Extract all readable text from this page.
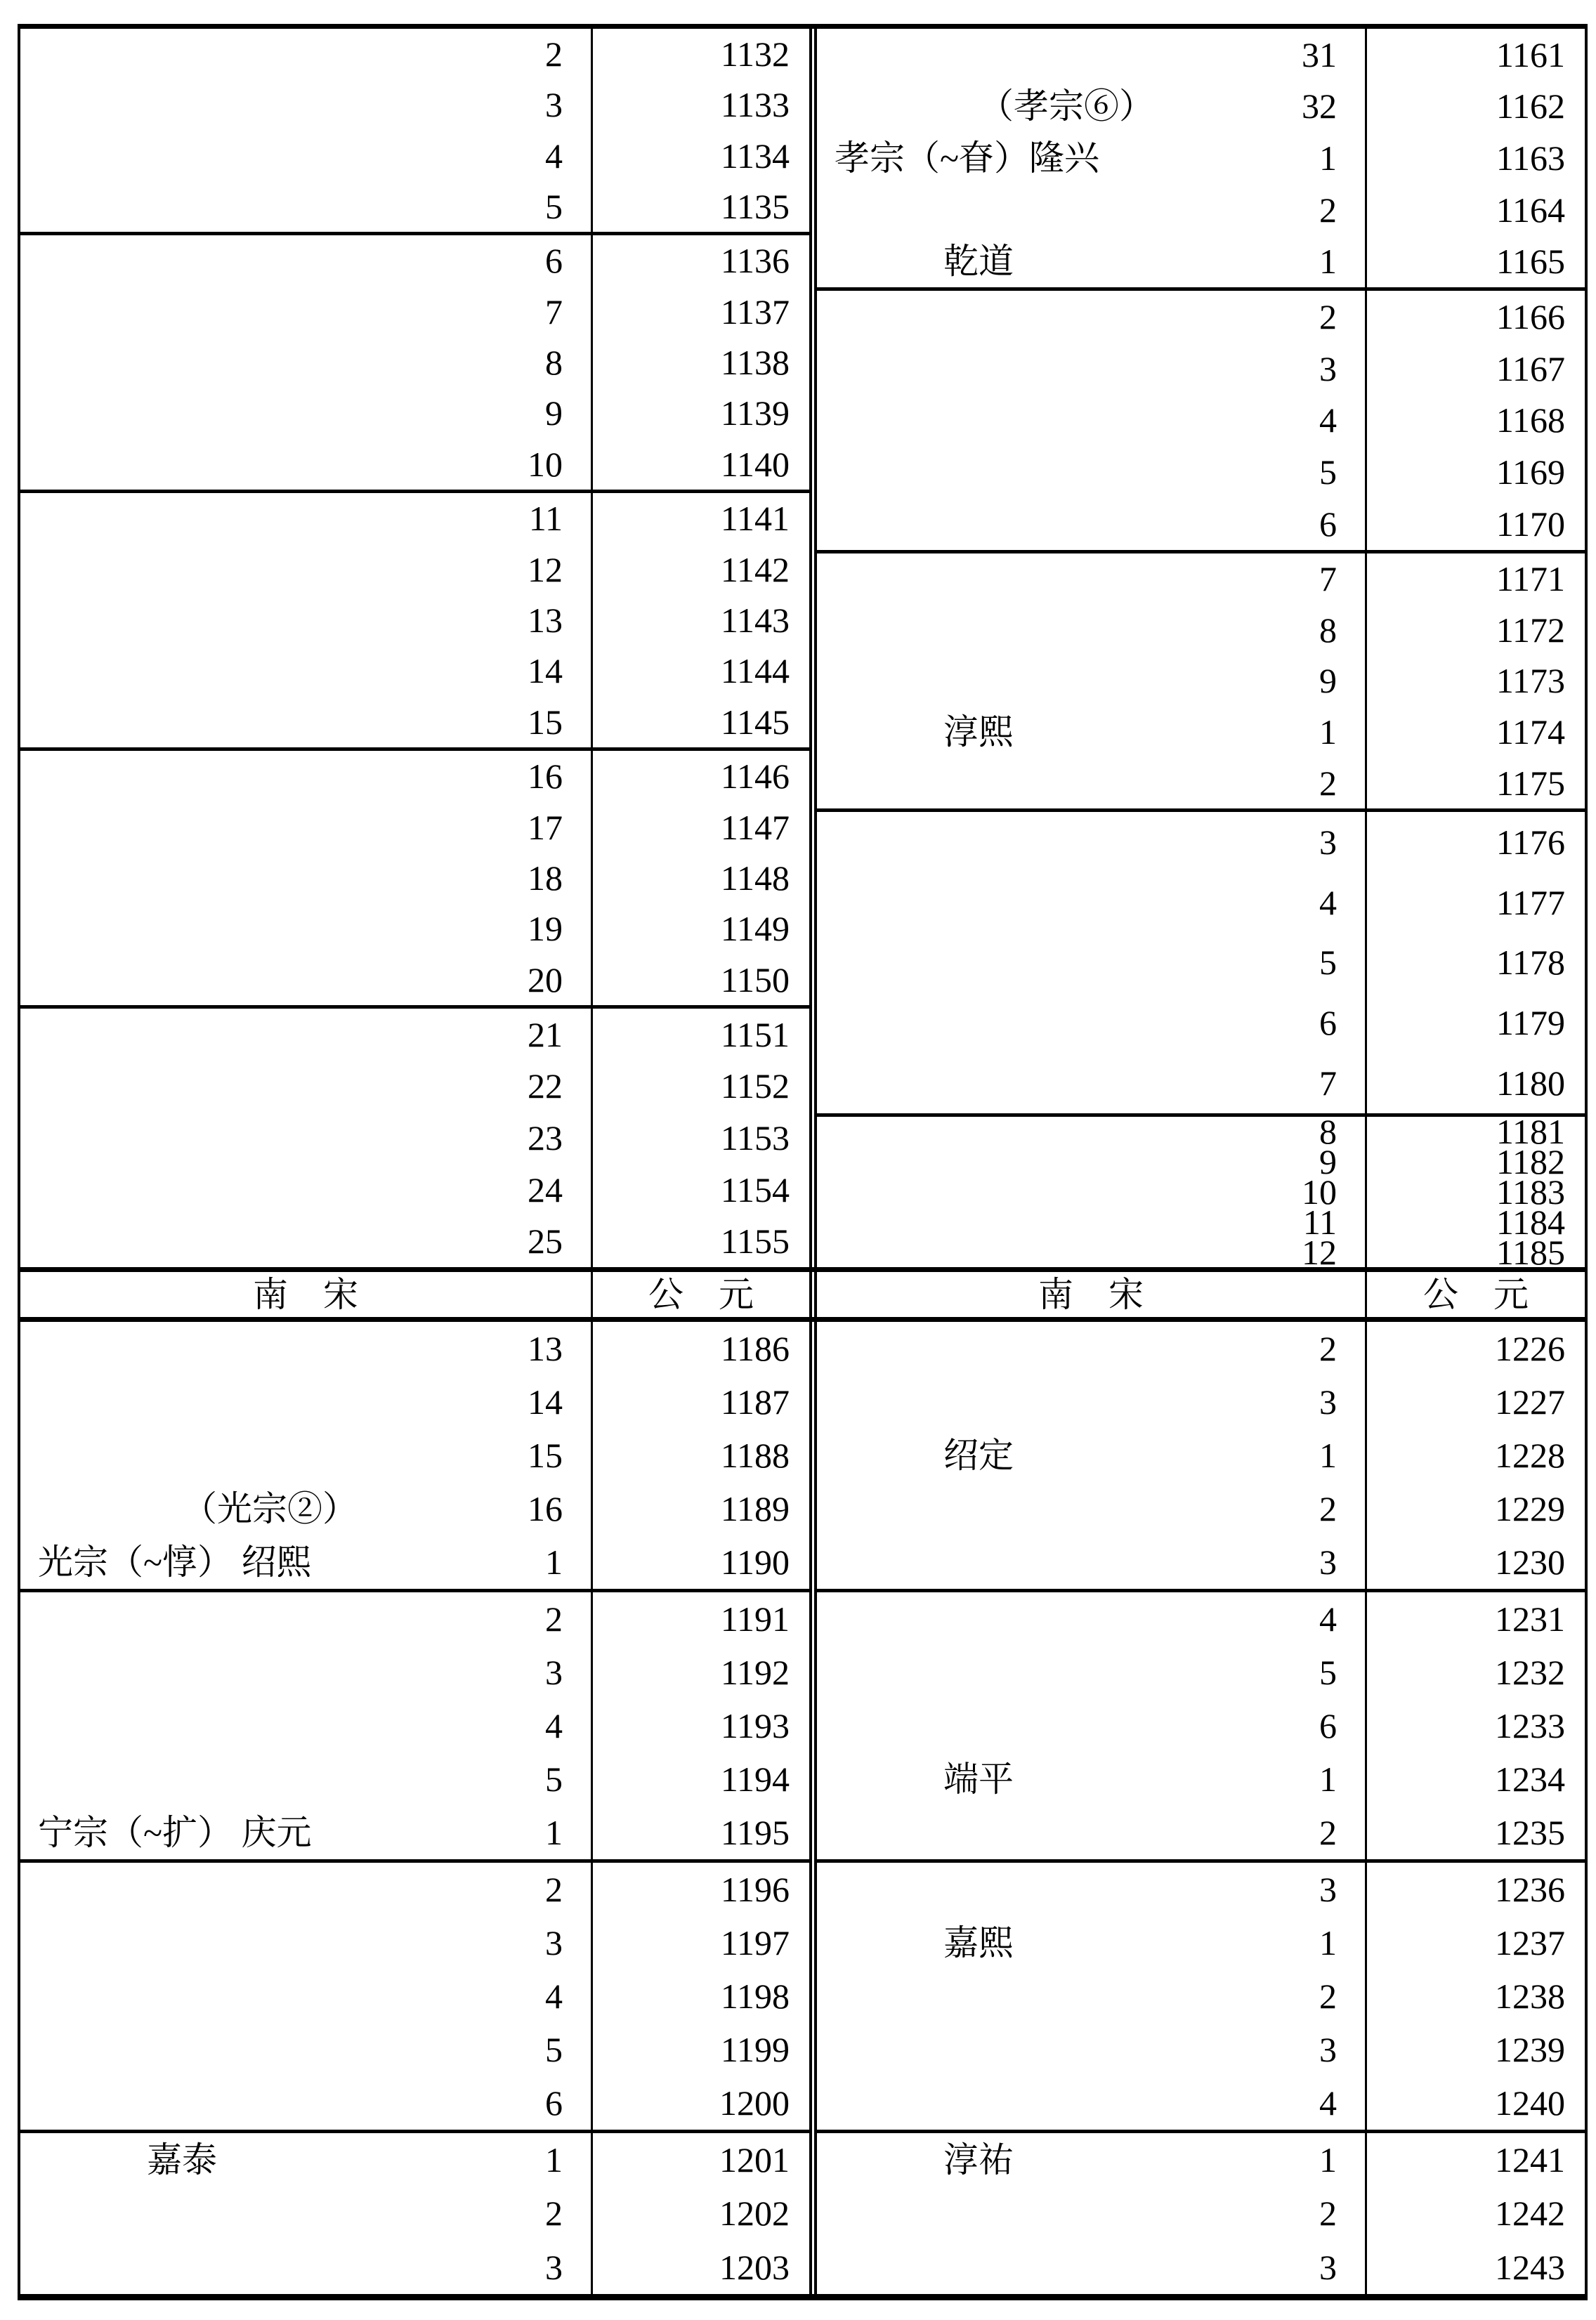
2	1132
3	1133
4	1134
5	1135
6	1136
7	1137
8	1138
9	1139
10	1140
11	1141
12	1142
13	1143
14	1144
15	1145
16	1146
17	1147
18	1148
19	1149
20	1150
21	1151
22	1152
23	1153
24	1154
25	1155
31	1161
（孝宗⑥）	32	1162
孝宗（~眘）隆兴	1	1163
2	1164
乾道	1	1165
2	1166
3	1167
4	1168
5	1169
6	1170
7	1171
8	1172
9	1173
淳熙	1	1174
2	1175
3	1176
4	1177
5	1178
6	1179
7	1180
8	1181
9	1182
10	1183
11	1184
12	1185
南　宋	公　元	南　宋	公　元
13	1186
14	1187
15	1188
（光宗②）	16	1189
光宗（~惇） 绍熙	1	1190
2	1191
3	1192
4	1193
5	1194
宁宗（~扩） 庆元	1	1195
2	1196
3	1197
4	1198
5	1199
6	1200
嘉泰	1	1201
2	1202
3	1203
2	1226
3	1227
绍定	1	1228
2	1229
3	1230
4	1231
5	1232
6	1233
端平	1	1234
2	1235
3	1236
嘉熙	1	1237
2	1238
3	1239
4	1240
淳祐	1	1241
2	1242
3	1243
